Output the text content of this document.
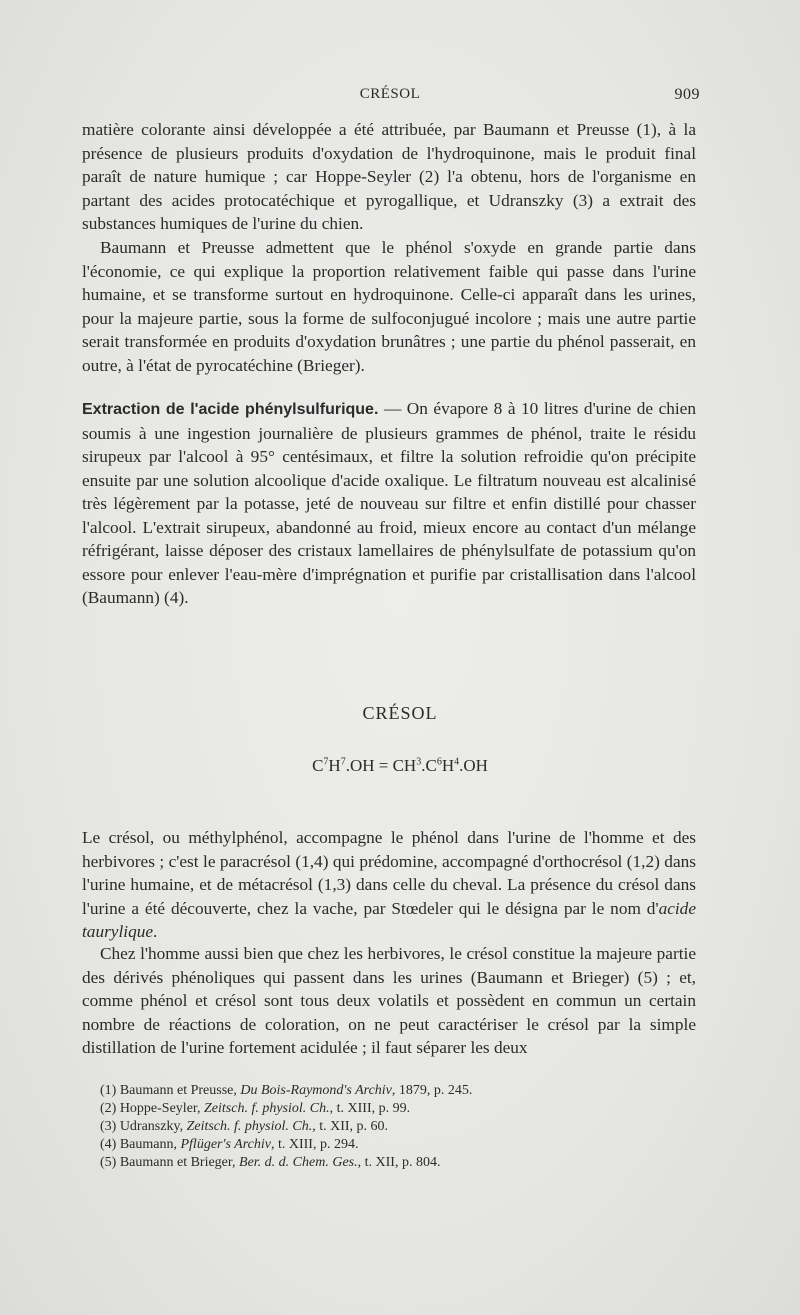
CRÉSOL	909

matière colorante ainsi développée a été attribuée, par Baumann et Preusse (1), à la présence de plusieurs produits d'oxydation de l'hydroquinone, mais le produit final paraît de nature humique ; car Hoppe-Seyler (2) l'a obtenu, hors de l'organisme en partant des acides protocatéchique et pyrogallique, et Udranszky (3) a extrait des substances humiques de l'urine du chien.

Baumann et Preusse admettent que le phénol s'oxyde en grande partie dans l'économie, ce qui explique la proportion relativement faible qui passe dans l'urine humaine, et se transforme surtout en hydroquinone. Celle-ci apparaît dans les urines, pour la majeure partie, sous la forme de sulfoconjugué incolore ; mais une autre partie serait transformée en produits d'oxydation brunâtres ; une partie du phénol passerait, en outre, à l'état de pyrocatéchine (Brieger).

Extraction de l'acide phénylsulfurique. — On évapore 8 à 10 litres d'urine de chien soumis à une ingestion journalière de plusieurs grammes de phénol, traite le résidu sirupeux par l'alcool à 95° centésimaux, et filtre la solution refroidie qu'on précipite ensuite par une solution alcoolique d'acide oxalique. Le filtratum nouveau est alcalinisé très légèrement par la potasse, jeté de nouveau sur filtre et enfin distillé pour chasser l'alcool. L'extrait sirupeux, abandonné au froid, mieux encore au contact d'un mélange réfrigérant, laisse déposer des cristaux lamellaires de phénylsulfate de potassium qu'on essore pour enlever l'eau-mère d'imprégnation et purifie par cristallisation dans l'alcool (Baumann) (4).

CRÉSOL
$C^7H^7.OH = CH^3.C^6H^4.OH$

Le crésol, ou méthylphénol, accompagne le phénol dans l'urine de l'homme et des herbivores ; c'est le paracrésol (1,4) qui prédomine, accompagné d'orthocrésol (1,2) dans l'urine humaine, et de métacrésol (1,3) dans celle du cheval. La présence du crésol dans l'urine a été découverte, chez la vache, par Stœdeler qui le désigna par le nom d'acide taurylique.

Chez l'homme aussi bien que chez les herbivores, le crésol constitue la majeure partie des dérivés phénoliques qui passent dans les urines (Baumann et Brieger) (5) ; et, comme phénol et crésol sont tous deux volatils et possèdent en commun un certain nombre de réactions de coloration, on ne peut caractériser le crésol par la simple distillation de l'urine fortement acidulée ; il faut séparer les deux

(1) Baumann et Preusse, Du Bois-Raymond's Archiv, 1879, p. 245.
(2) Hoppe-Seyler, Zeitsch. f. physiol. Ch., t. XIII, p. 99.
(3) Udranszky, Zeitsch. f. physiol. Ch., t. XII, p. 60.
(4) Baumann, Pflüger's Archiv, t. XIII, p. 294.
(5) Baumann et Brieger, Ber. d. d. Chem. Ges., t. XII, p. 804.
